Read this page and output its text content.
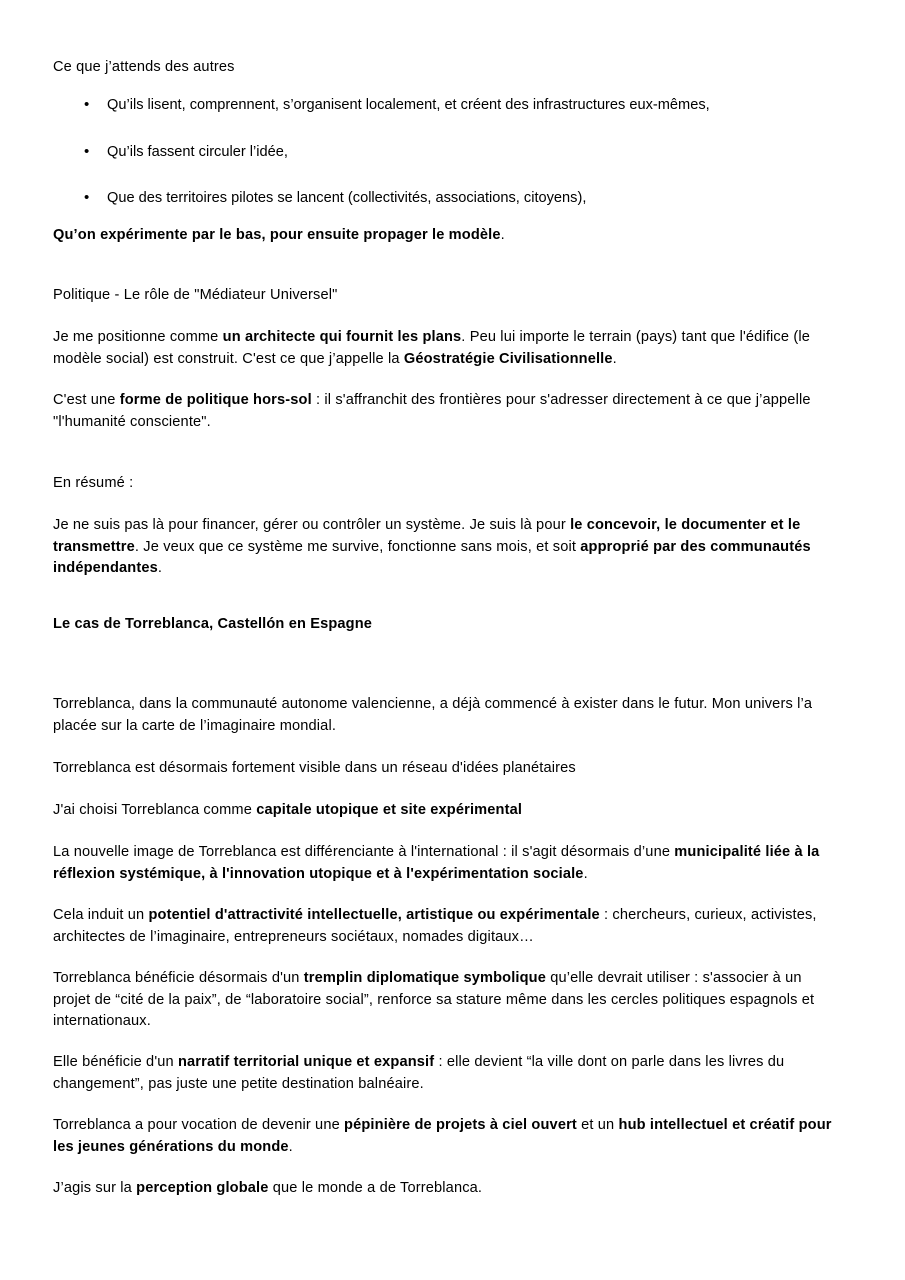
Ce que j’attends des autres

• Qu’ils lisent, comprennent, s’organisent localement, et créent des infrastructures eux-mêmes,
• Qu’ils fassent circuler l’idée,
• Que des territoires pilotes se lancent (collectivités, associations, citoyens),

Qu’on expérimente par le bas, pour ensuite propager le modèle.

Politique - Le rôle de "Médiateur Universel"

Je me positionne comme un architecte qui fournit les plans. Peu lui importe le terrain (pays) tant que l'édifice (le modèle social) est construit. C'est ce que j’appelle la Géostratégie Civilisationnelle.

C'est une forme de politique hors-sol : il s'affranchit des frontières pour s'adresser directement à ce que j’appelle "l'humanité consciente".

En résumé :

Je ne suis pas là pour financer, gérer ou contrôler un système. Je suis là pour le concevoir, le documenter et le transmettre. Je veux que ce système me survive, fonctionne sans mois, et soit approprié par des communautés indépendantes.

Le cas de Torreblanca, Castellón en Espagne

Torreblanca, dans la communauté autonome valencienne, a déjà commencé à exister dans le futur. Mon univers l’a placée sur la carte de l’imaginaire mondial.

Torreblanca est désormais fortement visible dans un réseau d'idées planétaires

J'ai choisi Torreblanca comme capitale utopique et site expérimental

La nouvelle image de Torreblanca est différenciante à l'international : il s'agit désormais d’une municipalité liée à la réflexion systémique, à l'innovation utopique et à l'expérimentation sociale.

Cela induit un potentiel d'attractivité intellectuelle, artistique ou expérimentale : chercheurs, curieux, activistes, architectes de l’imaginaire, entrepreneurs sociétaux, nomades digitaux…

Torreblanca bénéficie désormais d'un tremplin diplomatique symbolique qu’elle devrait utiliser : s'associer à un projet de “cité de la paix”, de “laboratoire social”, renforce sa stature même dans les cercles politiques espagnols et internationaux.

Elle bénéficie d'un narratif territorial unique et expansif : elle devient “la ville dont on parle dans les livres du changement”, pas juste une petite destination balnéaire.

Torreblanca a pour vocation de devenir une pépinière de projets à ciel ouvert et un hub intellectuel et créatif pour les jeunes générations du monde.

J’agis sur la perception globale que le monde a de Torreblanca.
